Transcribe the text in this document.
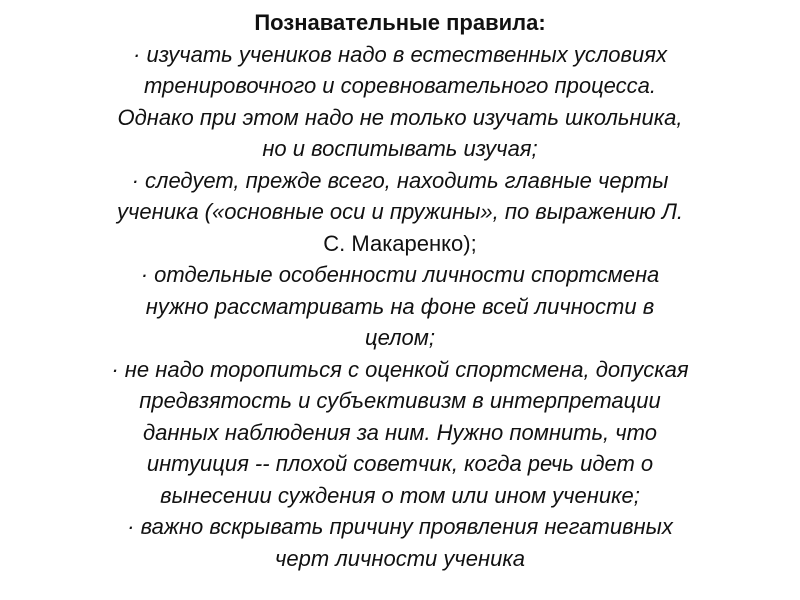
Познавательные правила:

· изучать учеников надо в естественных условиях

тренировочного и соревновательного процесса.

Однако при этом надо не только изучать школьника,

но и воспитывать изучая;

· следует, прежде всего, находить главные черты

ученика («основные оси и пружины», по выражению Л.

С. Макаренко);

· отдельные особенности личности спортсмена

нужно рассматривать на фоне всей личности в

целом;

· не надо торопиться с оценкой спортсмена, допуская

предвзятость и субъективизм в интерпретации

данных наблюдения за ним. Нужно помнить, что

интуиция -- плохой советчик, когда речь идет о

вынесении суждения о том или ином ученике;

· важно вскрывать причину проявления негативных

черт личности ученика
